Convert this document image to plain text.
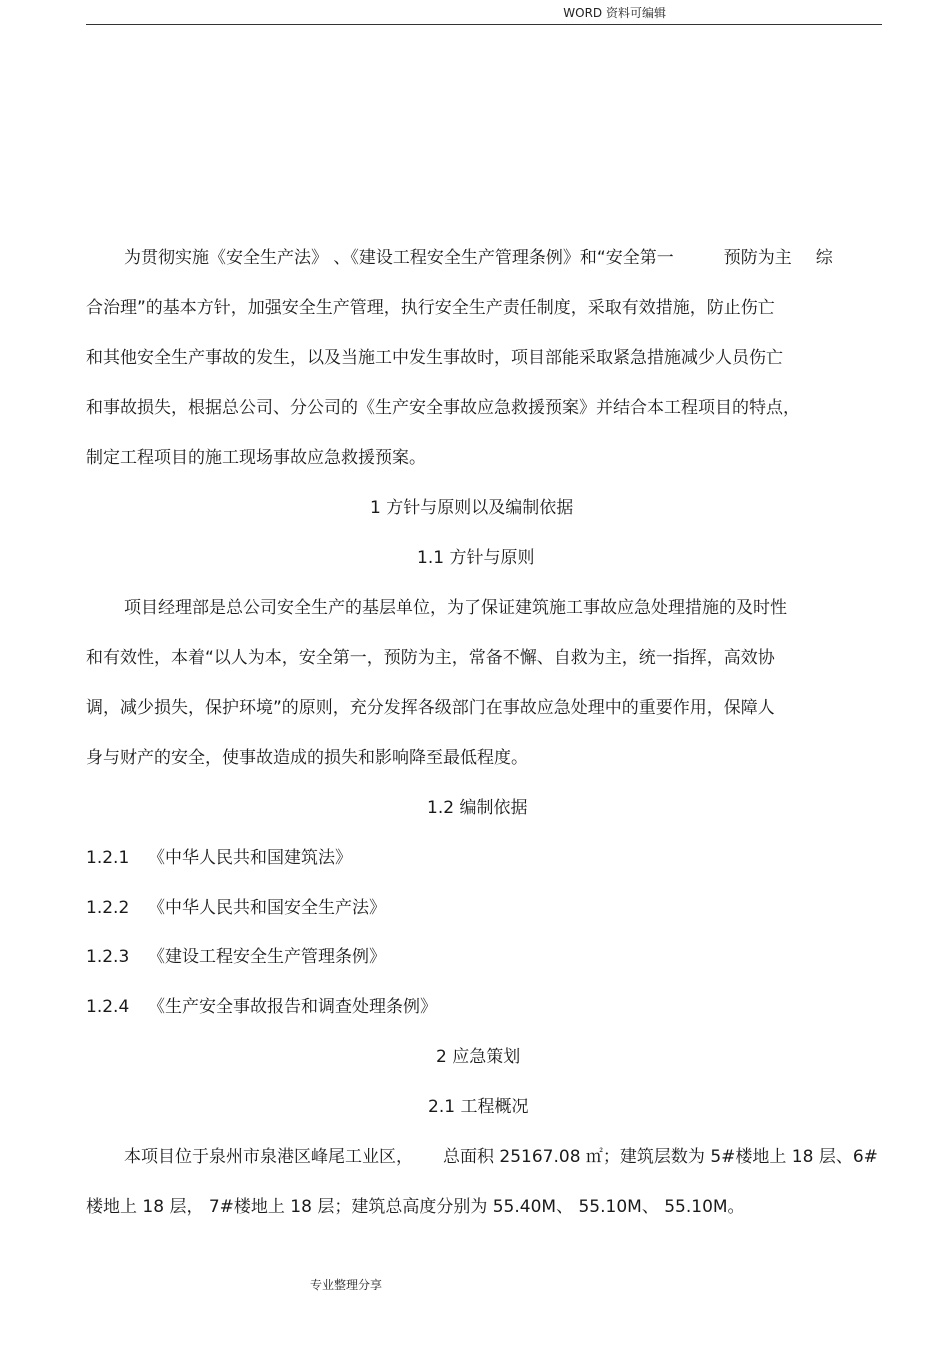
WORD 资料可编辑
为贯彻实施《安全生产法》 、《建设工程安全生产管理条例》和“安全第一	预防为主 综
合治理”的基本方针，加强安全生产管理，执行安全生产责任制度，采取有效措施，防止伤亡
和其他安全生产事故的发生，以及当施工中发生事故时，项目部能采取紧急措施减少人员伤亡
和事故损失，根据总公司、分公司的《生产安全事故应急救援预案》并结合本工程项目的特点，
制定工程项目的施工现场事故应急救援预案。
1 方针与原则以及编制依据
1.1 方针与原则
项目经理部是总公司安全生产的基层单位，为了保证建筑施工事故应急处理措施的及时性
和有效性，本着“以人为本，安全第一，预防为主，常备不懈、自救为主，统一指挥，高效协
调，减少损失，保护环境”的原则，充分发挥各级部门在事故应急处理中的重要作用，保障人
身与财产的安全，使事故造成的损失和影响降至最低程度。
1.2 编制依据
1.2.1 《中华人民共和国建筑法》
1.2.2 《中华人民共和国安全生产法》
1.2.3 《建设工程安全生产管理条例》
1.2.4 《生产安全事故报告和调查处理条例》
2 应急策划
2.1 工程概况
本项目位于泉州市泉港区峰尾工业区， 总面积 25167.08 ㎡；建筑层数为 5#楼地上 18 层、6#
楼地上 18 层， 7#楼地上 18 层；建筑总高度分别为 55.40M、 55.10M、 55.10M。
专业整理分享
